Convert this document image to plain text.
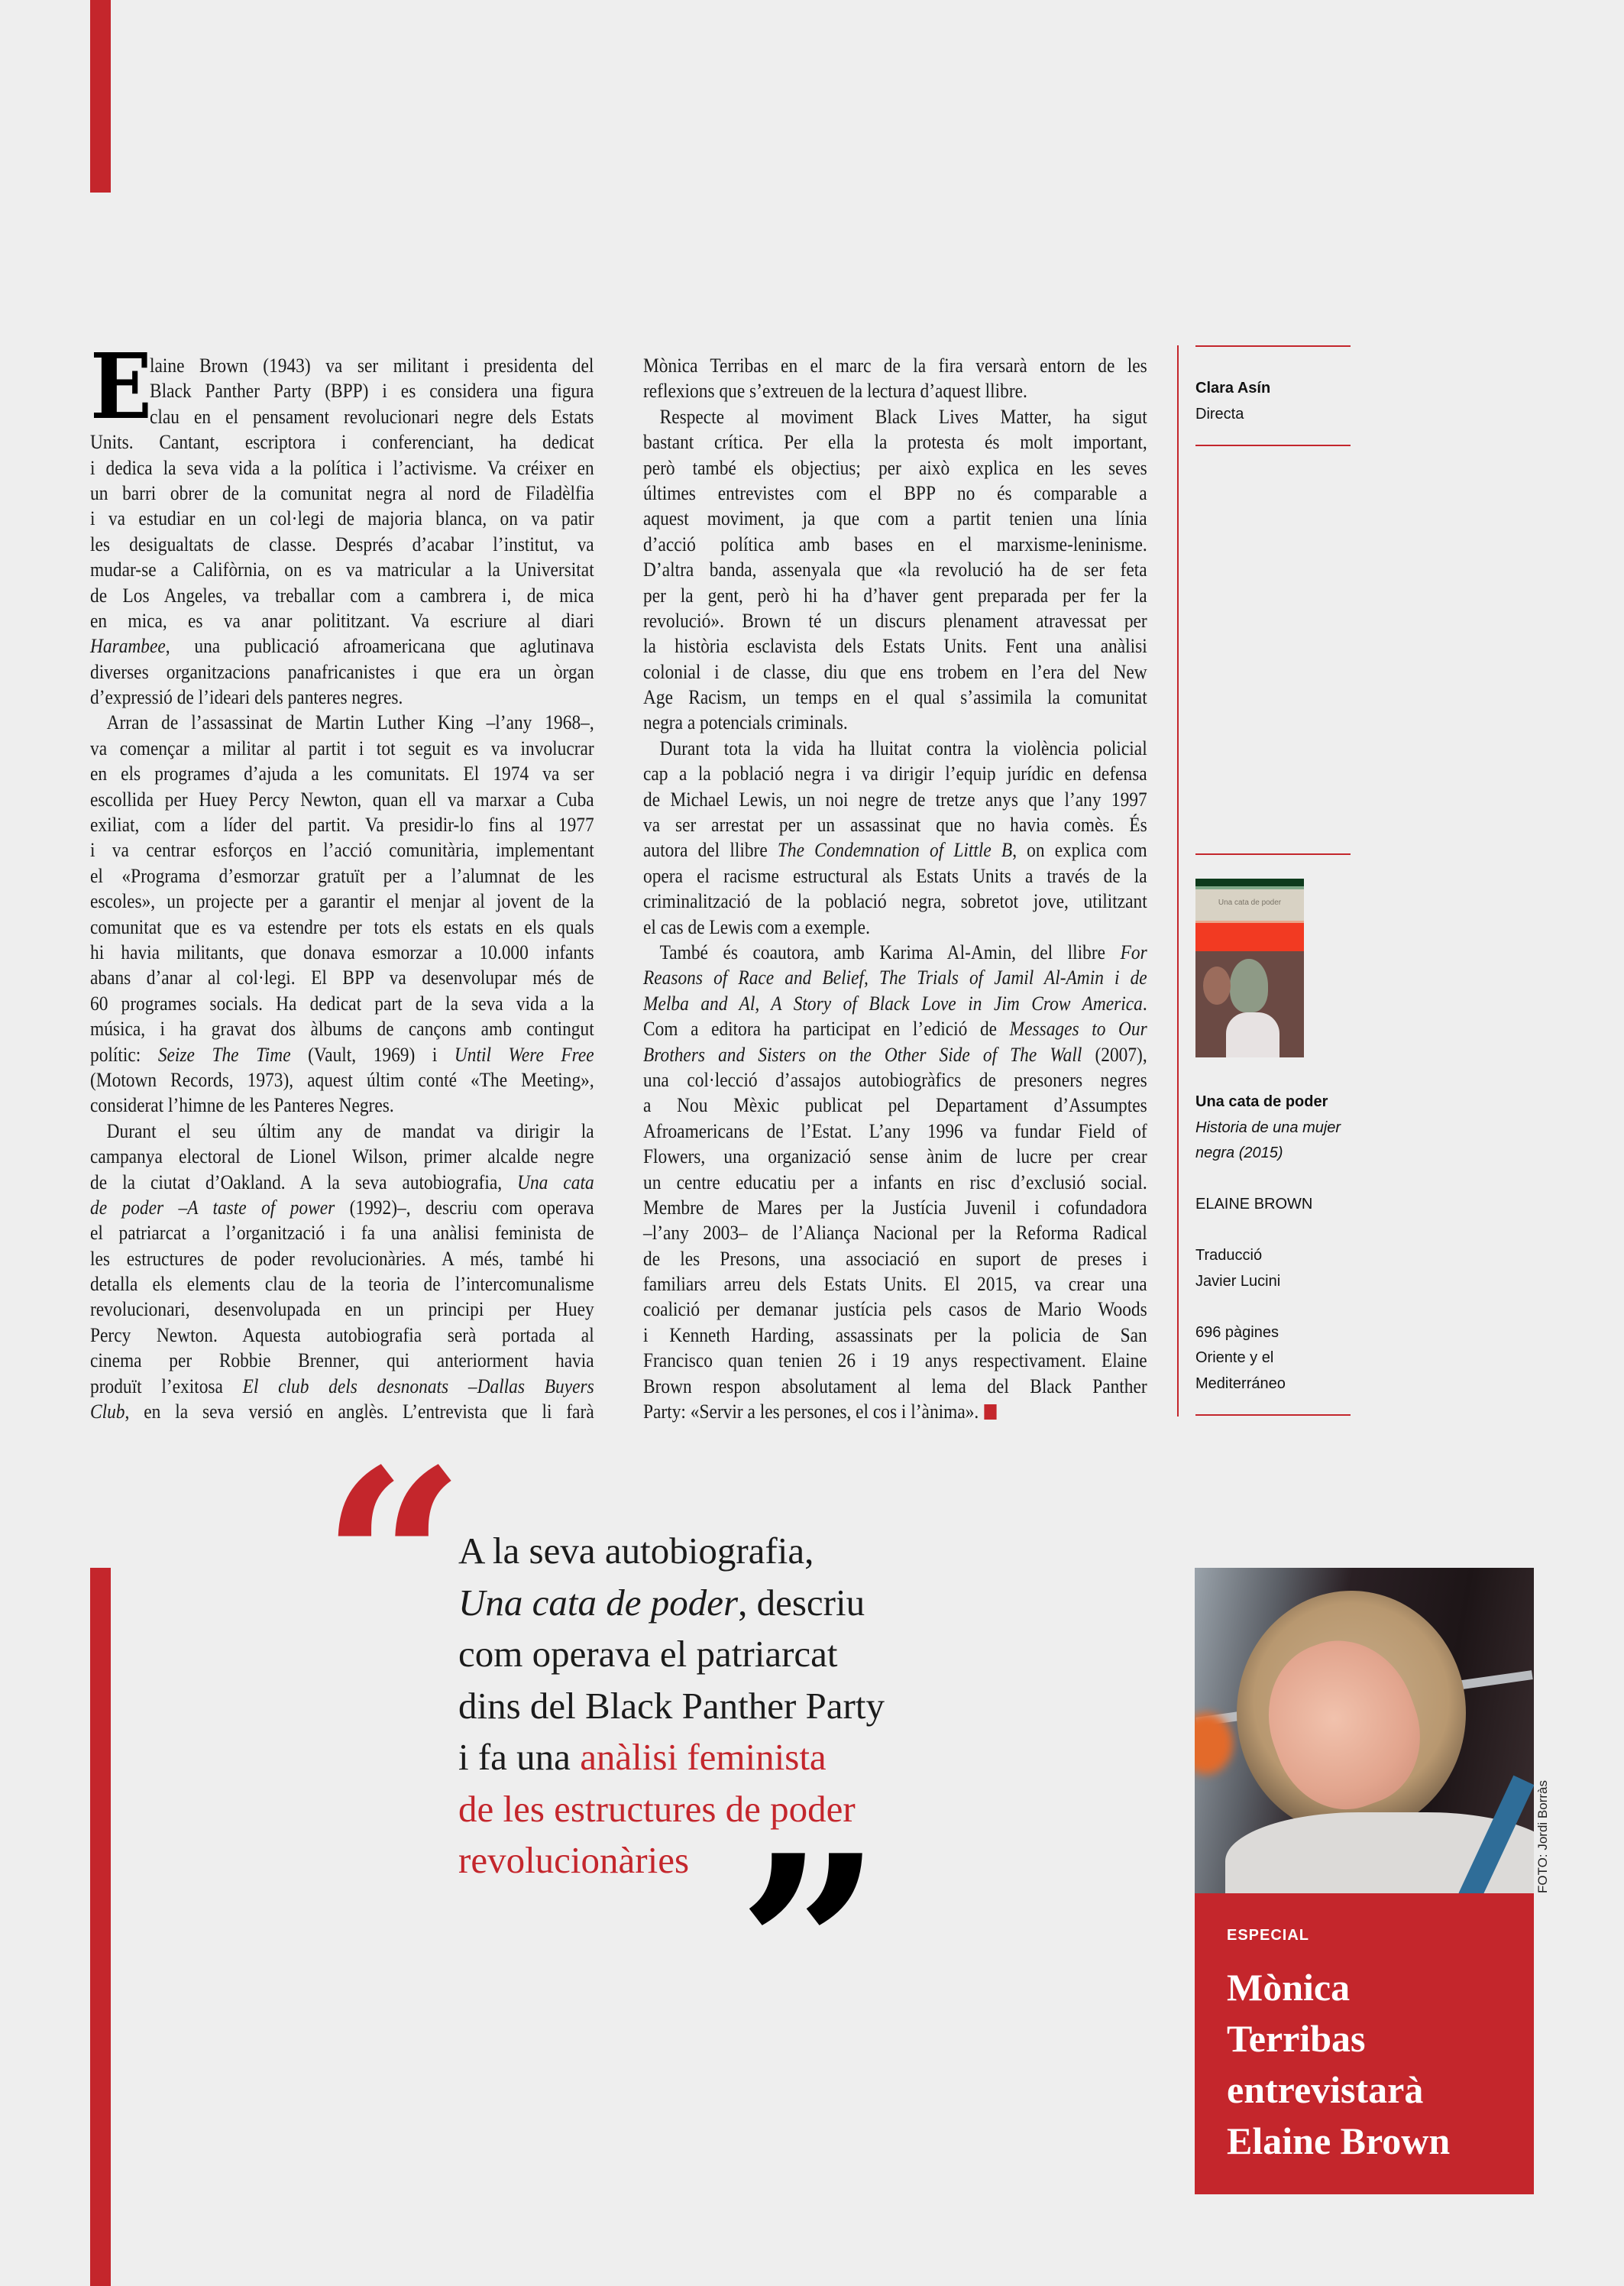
E
laine Brown (1943) va ser militant i presidenta del
Black Panther Party (BPP) i es considera una figura
clau en el pensament revolucionari negre dels Estats
Units. Cantant, escriptora i conferenciant, ha dedicat
i dedica la seva vida a la política i l’activisme. Va créixer en
un barri obrer de la comunitat negra al nord de Filadèlfia
i va estudiar en un col·legi de majoria blanca, on va patir
les desigualtats de classe. Després d’acabar l’institut, va
mudar-se a Califòrnia, on es va matricular a la Universitat
de Los Angeles, va treballar com a cambrera i, de mica
en mica, es va anar polititzant. Va escriure al diari
Harambee, una publicació afroamericana que aglutinava
diverses organitzacions panafricanistes i que era un òrgan
d’expressió de l’ideari dels panteres negres.
Arran de l’assassinat de Martin Luther King –l’any 1968–,
va començar a militar al partit i tot seguit es va involucrar
en els programes d’ajuda a les comunitats. El 1974 va ser
escollida per Huey Percy Newton, quan ell va marxar a Cuba
exiliat, com a líder del partit. Va presidir-lo fins al 1977
i va centrar esforços en l’acció comunitària, implementant
el «Programa d’esmorzar gratuït per a l’alumnat de les
escoles», un projecte per a garantir el menjar al jovent de la
comunitat que es va estendre per tots els estats en els quals
hi havia militants, que donava esmorzar a 10.000 infants
abans d’anar al col·legi. El BPP va desenvolupar més de
60 programes socials. Ha dedicat part de la seva vida a la
música, i ha gravat dos àlbums de cançons amb contingut
polític: Seize The Time (Vault, 1969) i Until Were Free
(Motown Records, 1973), aquest últim conté «The Meeting»,
considerat l’himne de les Panteres Negres.
Durant el seu últim any de mandat va dirigir la
campanya electoral de Lionel Wilson, primer alcalde negre
de la ciutat d’Oakland. A la seva autobiografia, Una cata
de poder –A taste of power (1992)–, descriu com operava
el patriarcat a l’organització i fa una anàlisi feminista de
les estructures de poder revolucionàries. A més, també hi
detalla els elements clau de la teoria de l’intercomunalisme
revolucionari, desenvolupada en un principi per Huey
Percy Newton. Aquesta autobiografia serà portada al
cinema per Robbie Brenner, qui anteriorment havia
produït l’exitosa El club dels desnonats –Dallas Buyers
Club, en la seva versió en anglès. L’entrevista que li farà
Mònica Terribas en el marc de la fira versarà entorn de les
reflexions que s’extreuen de la lectura d’aquest llibre.
Respecte al moviment Black Lives Matter, ha sigut
bastant crítica. Per ella la protesta és molt important,
però també els objectius; per això explica en les seves
últimes entrevistes com el BPP no és comparable a
aquest moviment, ja que com a partit tenien una línia
d’acció política amb bases en el marxisme-leninisme.
D’altra banda, assenyala que «la revolució ha de ser feta
per la gent, però hi ha d’haver gent preparada per fer la
revolució». Brown té un discurs plenament atravessat per
la història esclavista dels Estats Units. Fent una anàlisi
colonial i de classe, diu que ens trobem en l’era del New
Age Racism, un temps en el qual s’assimila la comunitat
negra a potencials criminals.
Durant tota la vida ha lluitat contra la violència policial
cap a la població negra i va dirigir l’equip jurídic en defensa
de Michael Lewis, un noi negre de tretze anys que l’any 1997
va ser arrestat per un assassinat que no havia comès. És
autora del llibre The Condemnation of Little B, on explica com
opera el racisme estructural als Estats Units a través de la
criminalització de la població negra, sobretot jove, utilitzant
el cas de Lewis com a exemple.
També és coautora, amb Karima Al-Amin, del llibre For
Reasons of Race and Belief, The Trials of Jamil Al-Amin i de
Melba and Al, A Story of Black Love in Jim Crow America.
Com a editora ha participat en l’edició de Messages to Our
Brothers and Sisters on the Other Side of The Wall (2007),
una col·lecció d’assajos autobiogràfics de presoners negres
a Nou Mèxic publicat pel Departament d’Assumptes
Afroamericans de l’Estat. L’any 1996 va fundar Field of
Flowers, una organizació sense ànim de lucre per crear
un centre educatiu per a infants en risc d’exclusió social.
Membre de Mares per la Justícia Juvenil i cofundadora
–l’any 2003– de l’Aliança Nacional per la Reforma Radical
de les Presons, una associació en suport de preses i
familiars arreu dels Estats Units. El 2015, va crear una
coalició per demanar justícia pels casos de Mario Woods
i Kenneth Harding, assassinats per la policia de San
Francisco quan tenien 26 i 19 anys respectivament. Elaine
Brown respon absolutament al lema del Black Panther
Party: «Servir a les persones, el cos i l’ànima».
Clara Asín
Directa
Una cata de poder
Una cata de poder
Historia de una mujer
negra (2015)
ELAINE BROWN
Traducció
Javier Lucini
696 pàgines
Oriente y el
Mediterráneo
“
A la seva autobiografia,
Una cata de poder, descriu
com operava el patriarcat
dins del Black Panther Party
i fa una anàlisi feminista
de les estructures de poder
revolucionàries ”	FOTO: Jordi Borràs
ESPECIAL
Mònica
Terribas
entrevistarà
Elaine Brown
